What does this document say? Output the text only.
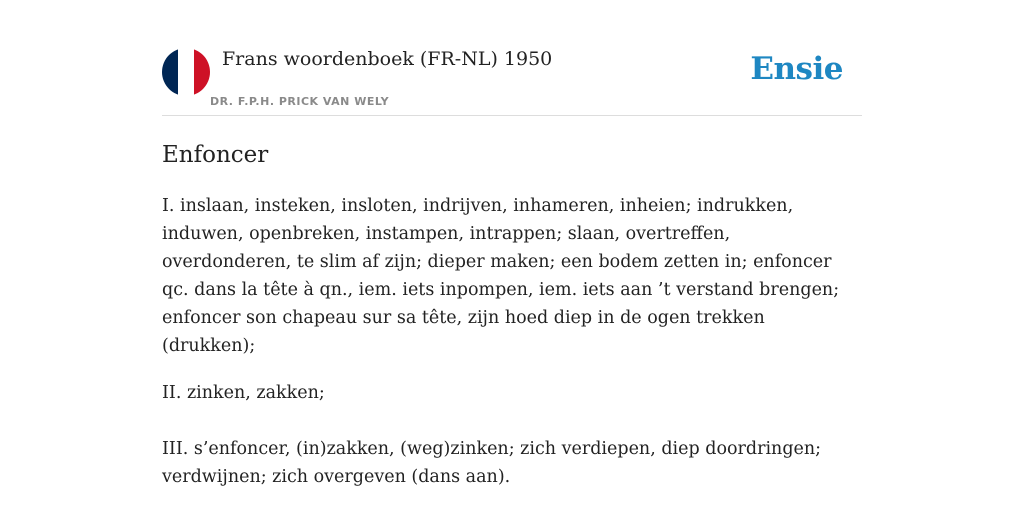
Frans woordenboek (FR-NL) 1950
DR. F.P.H. PRICK VAN WELY
Ensie
Enfoncer

I. inslaan, insteken, insloten, indrijven, inhameren, inheien; indrukken, induwen, openbreken, instampen, intrappen; slaan, overtreffen, overdonderen, te slim af zijn; dieper maken; een bodem zetten in; enfoncer qc. dans la tête à qn., iem. iets inpompen, iem. iets aan ’t verstand brengen; enfoncer son chapeau sur sa tête, zijn hoed diep in de ogen trekken (drukken);

II. zinken, zakken;

III. s’enfoncer, (in)zakken, (weg)zinken; zich verdiepen, diep doordringen; verdwijnen; zich overgeven (dans aan).
